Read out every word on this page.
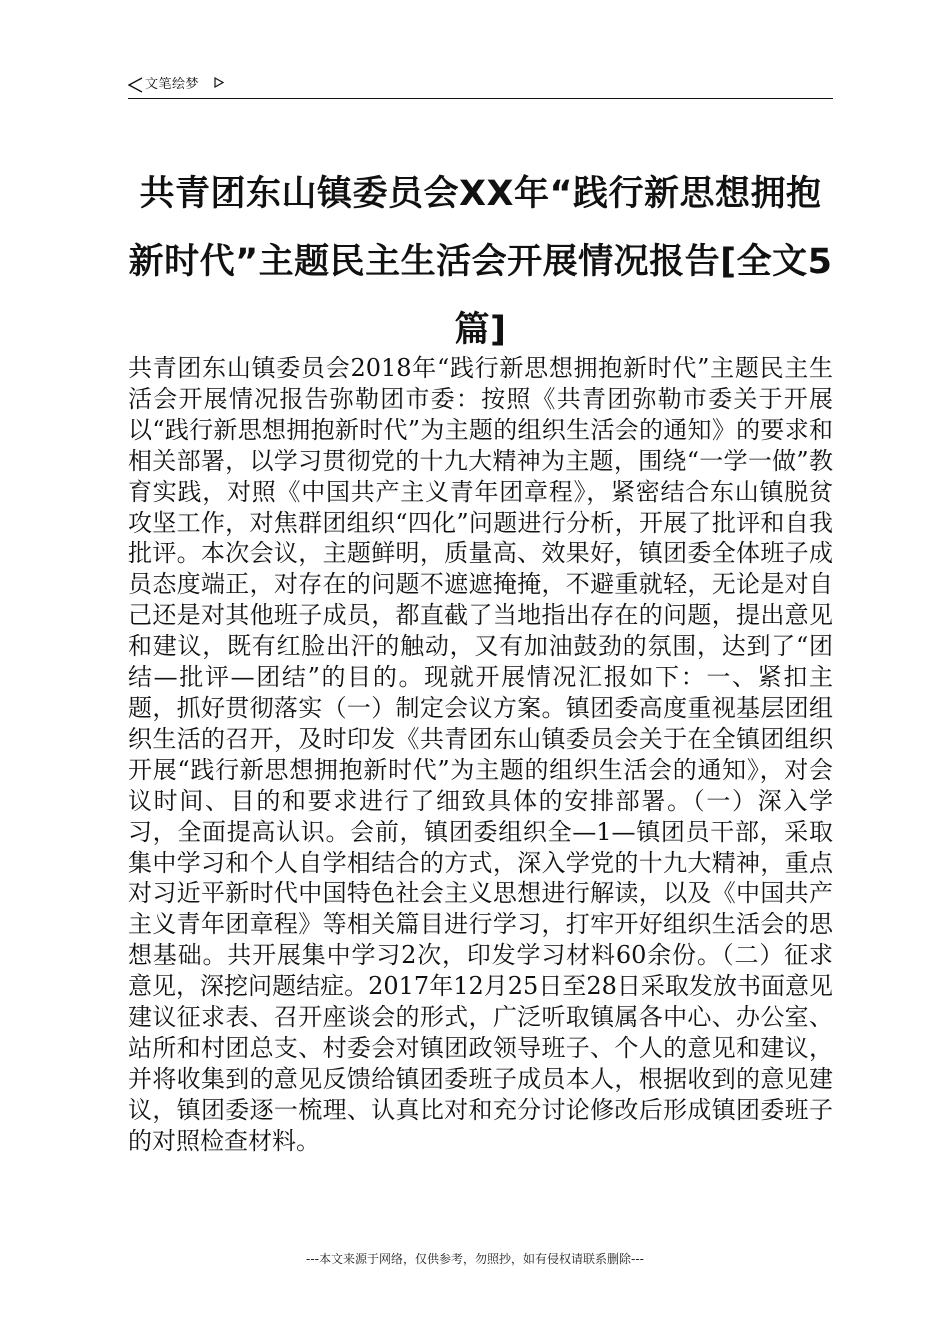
文笔绘梦
共青团东山镇委员会XX年“践行新思想拥抱新时代”主题民主生活会开展情况报告[全文5篇]

共青团东山镇委员会2018年“践行新思想拥抱新时代”主题民主生活会开展情况报告弥勒团市委：按照《共青团弥勒市委关于开展以“践行新思想拥抱新时代”为主题的组织生活会的通知》的要求和相关部署，以学习贯彻党的十九大精神为主题，围绕“一学一做”教育实践，对照《中国共产主义青年团章程》，紧密结合东山镇脱贫攻坚工作，对焦群团组织“四化”问题进行分析，开展了批评和自我批评。本次会议，主题鲜明，质量高、效果好，镇团委全体班子成员态度端正，对存在的问题不遮遮掩掩，不避重就轻，无论是对自己还是对其他班子成员，都直截了当地指出存在的问题，提出意见和建议，既有红脸出汗的触动，又有加油鼓劲的氛围，达到了“团结—批评—团结”的目的。现就开展情况汇报如下：一、紧扣主题，抓好贯彻落实（一）制定会议方案。镇团委高度重视基层团组织生活的召开，及时印发《共青团东山镇委员会关于在全镇团组织开展“践行新思想拥抱新时代”为主题的组织生活会的通知》，对会议时间、目的和要求进行了细致具体的安排部署。（一）深入学习，全面提高认识。会前，镇团委组织全—1—镇团员干部，采取集中学习和个人自学相结合的方式，深入学党的十九大精神，重点对习近平新时代中国特色社会主义思想进行解读，以及《中国共产主义青年团章程》等相关篇目进行学习，打牢开好组织生活会的思想基础。共开展集中学习2次，印发学习材料60余份。（二）征求意见，深挖问题结症。2017年12月25日至28日采取发放书面意见建议征求表、召开座谈会的形式，广泛听取镇属各中心、办公室、站所和村团总支、村委会对镇团政领导班子、个人的意见和建议，并将收集到的意见反馈给镇团委班子成员本人，根据收到的意见建议，镇团委逐一梳理、认真比对和充分讨论修改后形成镇团委班子的对照检查材料。

---本文来源于网络，仅供参考，勿照抄，如有侵权请联系删除---
